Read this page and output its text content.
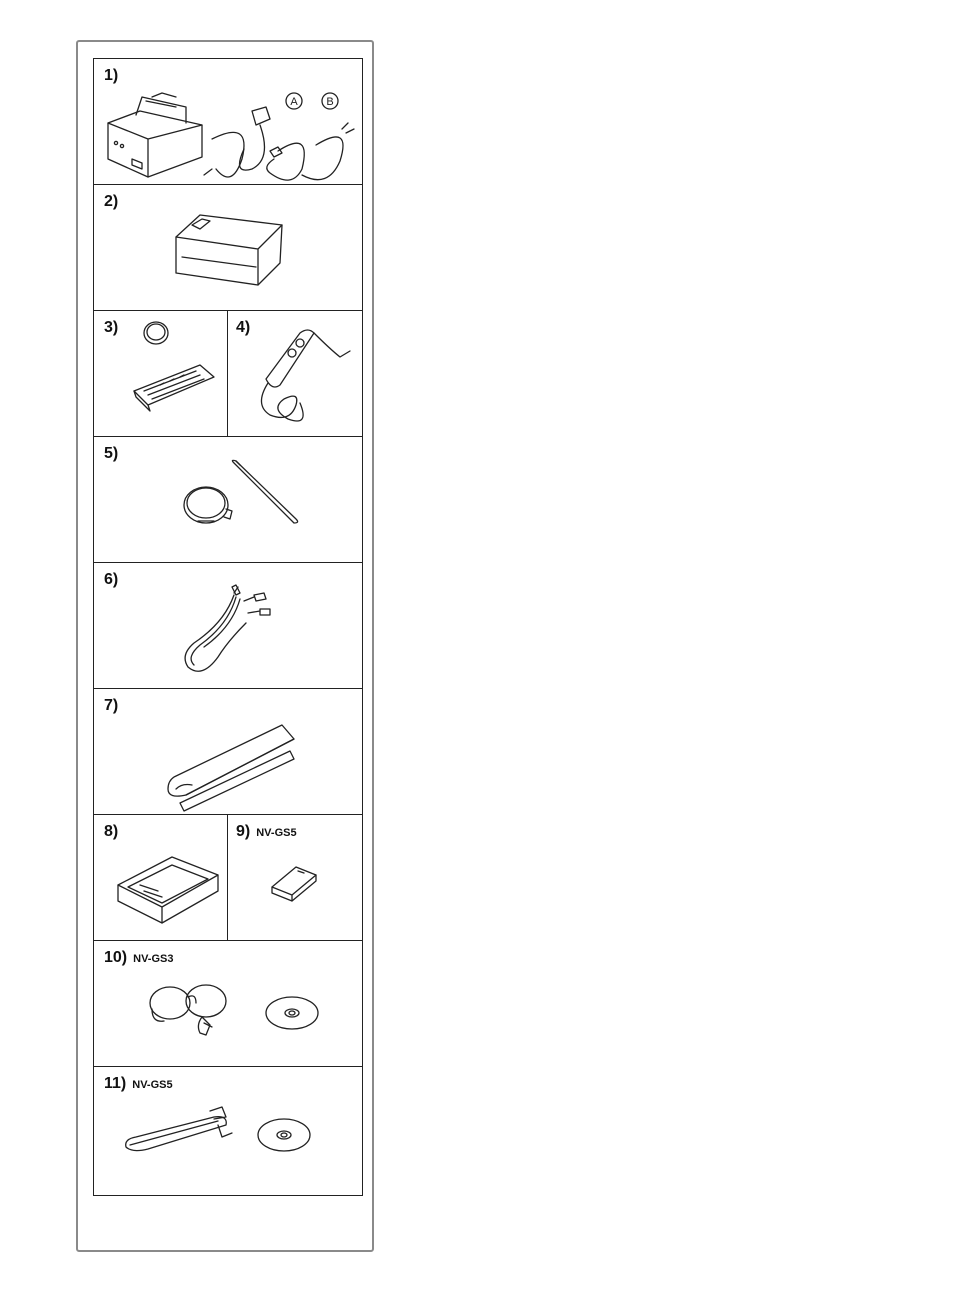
1)
A	B
2)
3)	4)
5)
6)
7)
8)	9) NV-GS5
10) NV-GS3
11) NV-GS5
